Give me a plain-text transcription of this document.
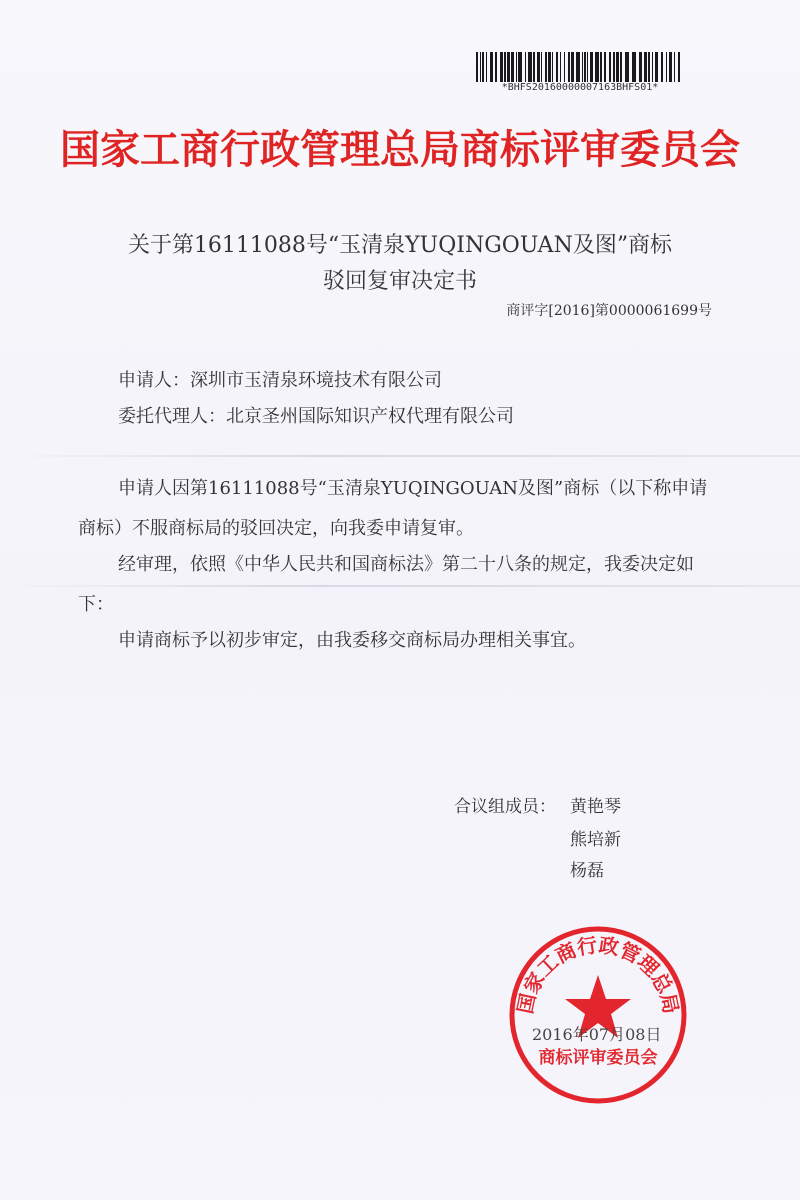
*BHFS20160000007163BHFS01*
国家工商行政管理总局商标评审委员会
关于第16111088号“玉清泉YUQINGOUAN及图”商标
驳回复审决定书
商评字[2016]第0000061699号
申请人：深圳市玉清泉环境技术有限公司
委托代理人：北京圣州国际知识产权代理有限公司
申请人因第16111088号“玉清泉YUQINGOUAN及图”商标（以下称申请商标）不服商标局的驳回决定，向我委申请复审。
经审理，依照《中华人民共和国商标法》第二十八条的规定，我委决定如下：
申请商标予以初步审定，由我委移交商标局办理相关事宜。
合议组成员： 黄艳琴
熊培新
杨磊
国家工商行政管理总局
商标评审委员会
2016年07月08日
